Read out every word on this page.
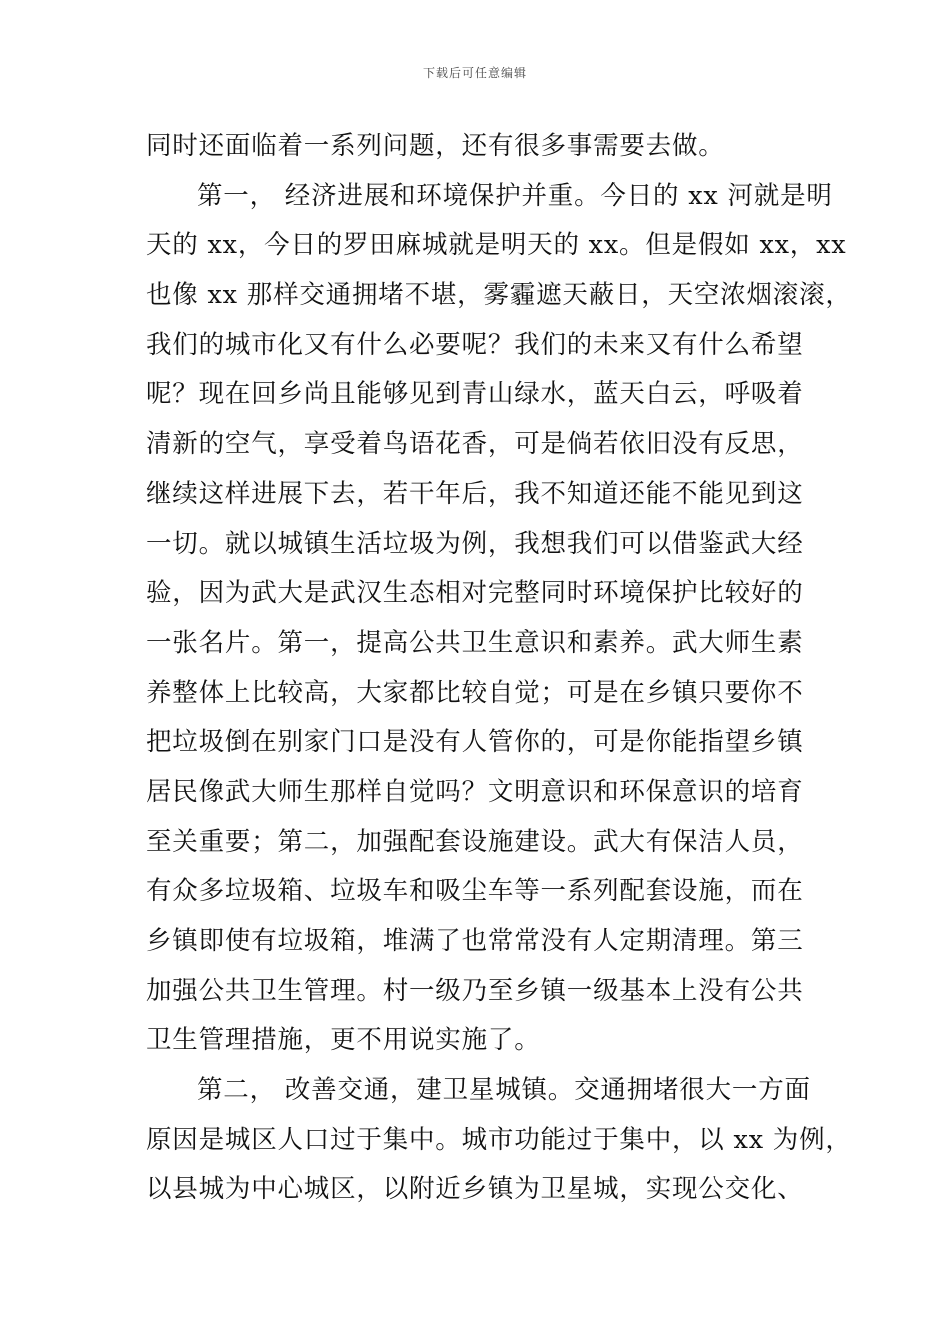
下载后可任意编辑
同时还面临着一系列问题，还有很多事需要去做。
第一， 经济进展和环境保护并重。今日的 xx 河就是明
天的 xx，今日的罗田麻城就是明天的 xx。但是假如 xx，xx
也像 xx 那样交通拥堵不堪，雾霾遮天蔽日，天空浓烟滚滚，
我们的城市化又有什么必要呢？我们的未来又有什么希望
呢？现在回乡尚且能够见到青山绿水，蓝天白云，呼吸着
清新的空气，享受着鸟语花香，可是倘若依旧没有反思，
继续这样进展下去，若干年后，我不知道还能不能见到这
一切。就以城镇生活垃圾为例，我想我们可以借鉴武大经
验，因为武大是武汉生态相对完整同时环境保护比较好的
一张名片。第一，提高公共卫生意识和素养。武大师生素
养整体上比较高，大家都比较自觉；可是在乡镇只要你不
把垃圾倒在别家门口是没有人管你的，可是你能指望乡镇
居民像武大师生那样自觉吗？文明意识和环保意识的培育
至关重要；第二，加强配套设施建设。武大有保洁人员，
有众多垃圾箱、垃圾车和吸尘车等一系列配套设施，而在
乡镇即使有垃圾箱，堆满了也常常没有人定期清理。第三
加强公共卫生管理。村一级乃至乡镇一级基本上没有公共
卫生管理措施，更不用说实施了。
第二， 改善交通，建卫星城镇。交通拥堵很大一方面
原因是城区人口过于集中。城市功能过于集中，以 xx 为例，
以县城为中心城区，以附近乡镇为卫星城，实现公交化、
